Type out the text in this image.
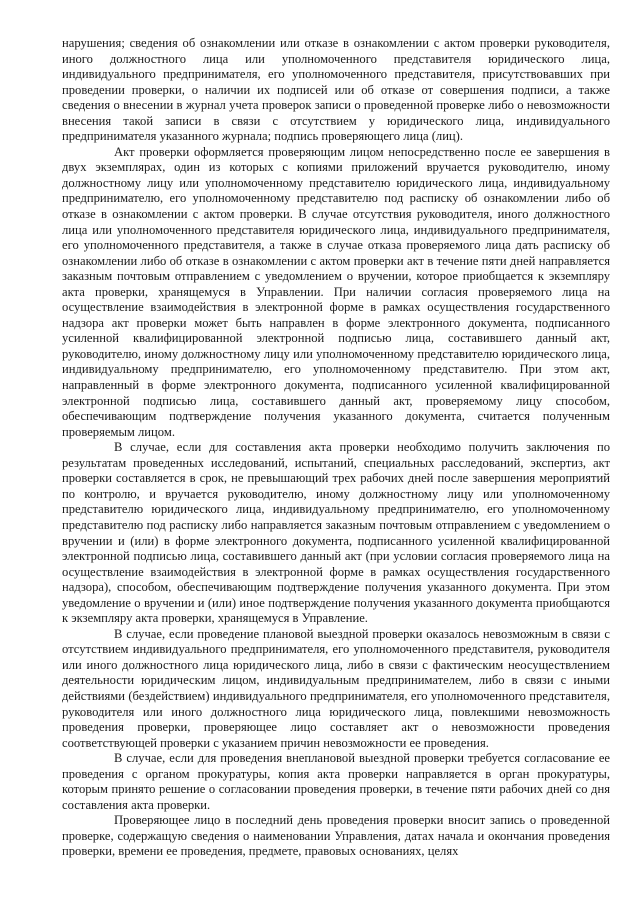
нарушения; сведения об ознакомлении или отказе в ознакомлении с актом проверки руководителя, иного должностного лица или уполномоченного представителя юридического лица, индивидуального предпринимателя, его уполномоченного представителя, присутствовавших при проведении проверки, о наличии их подписей или об отказе от совершения подписи, а также сведения о внесении в журнал учета проверок записи о проведенной проверке либо о невозможности внесения такой записи в связи с отсутствием у юридического лица, индивидуального предпринимателя указанного журнала; подпись проверяющего лица (лиц).

Акт проверки оформляется проверяющим лицом непосредственно после ее завершения в двух экземплярах, один из которых с копиями приложений вручается руководителю, иному должностному лицу или уполномоченному представителю юридического лица, индивидуальному предпринимателю, его уполномоченному представителю под расписку об ознакомлении либо об отказе в ознакомлении с актом проверки. В случае отсутствия руководителя, иного должностного лица или уполномоченного представителя юридического лица, индивидуального предпринимателя, его уполномоченного представителя, а также в случае отказа проверяемого лица дать расписку об ознакомлении либо об отказе в ознакомлении с актом проверки акт в течение пяти дней направляется заказным почтовым отправлением с уведомлением о вручении, которое приобщается к экземпляру акта проверки, хранящемуся в Управлении. При наличии согласия проверяемого лица на осуществление взаимодействия в электронной форме в рамках осуществления государственного надзора акт проверки может быть направлен в форме электронного документа, подписанного усиленной квалифицированной электронной подписью лица, составившего данный акт, руководителю, иному должностному лицу или уполномоченному представителю юридического лица, индивидуальному предпринимателю, его уполномоченному представителю. При этом акт, направленный в форме электронного документа, подписанного усиленной квалифицированной электронной подписью лица, составившего данный акт, проверяемому лицу способом, обеспечивающим подтверждение получения указанного документа, считается полученным проверяемым лицом.

В случае, если для составления акта проверки необходимо получить заключения по результатам проведенных исследований, испытаний, специальных расследований, экспертиз, акт проверки составляется в срок, не превышающий трех рабочих дней после завершения мероприятий по контролю, и вручается руководителю, иному должностному лицу или уполномоченному представителю юридического лица, индивидуальному предпринимателю, его уполномоченному представителю под расписку либо направляется заказным почтовым отправлением с уведомлением о вручении и (или) в форме электронного документа, подписанного усиленной квалифицированной электронной подписью лица, составившего данный акт (при условии согласия проверяемого лица на осуществление взаимодействия в электронной форме в рамках осуществления государственного надзора), способом, обеспечивающим подтверждение получения указанного документа. При этом уведомление о вручении и (или) иное подтверждение получения указанного документа приобщаются к экземпляру акта проверки, хранящемуся в Управление.

В случае, если проведение плановой выездной проверки оказалось невозможным в связи с отсутствием индивидуального предпринимателя, его уполномоченного представителя, руководителя или иного должностного лица юридического лица, либо в связи с фактическим неосуществлением деятельности юридическим лицом, индивидуальным предпринимателем, либо в связи с иными действиями (бездействием) индивидуального предпринимателя, его уполномоченного представителя, руководителя или иного должностного лица юридического лица, повлекшими невозможность проведения проверки, проверяющее лицо составляет акт о невозможности проведения соответствующей проверки с указанием причин невозможности ее проведения.

В случае, если для проведения внеплановой выездной проверки требуется согласование ее проведения с органом прокуратуры, копия акта проверки направляется в орган прокуратуры, которым принято решение о согласовании проведения проверки, в течение пяти рабочих дней со дня составления акта проверки.

Проверяющее лицо в последний день проведения проверки вносит запись о проведенной проверке, содержащую сведения о наименовании Управления, датах начала и окончания проведения проверки, времени ее проведения, предмете, правовых основаниях, целях
